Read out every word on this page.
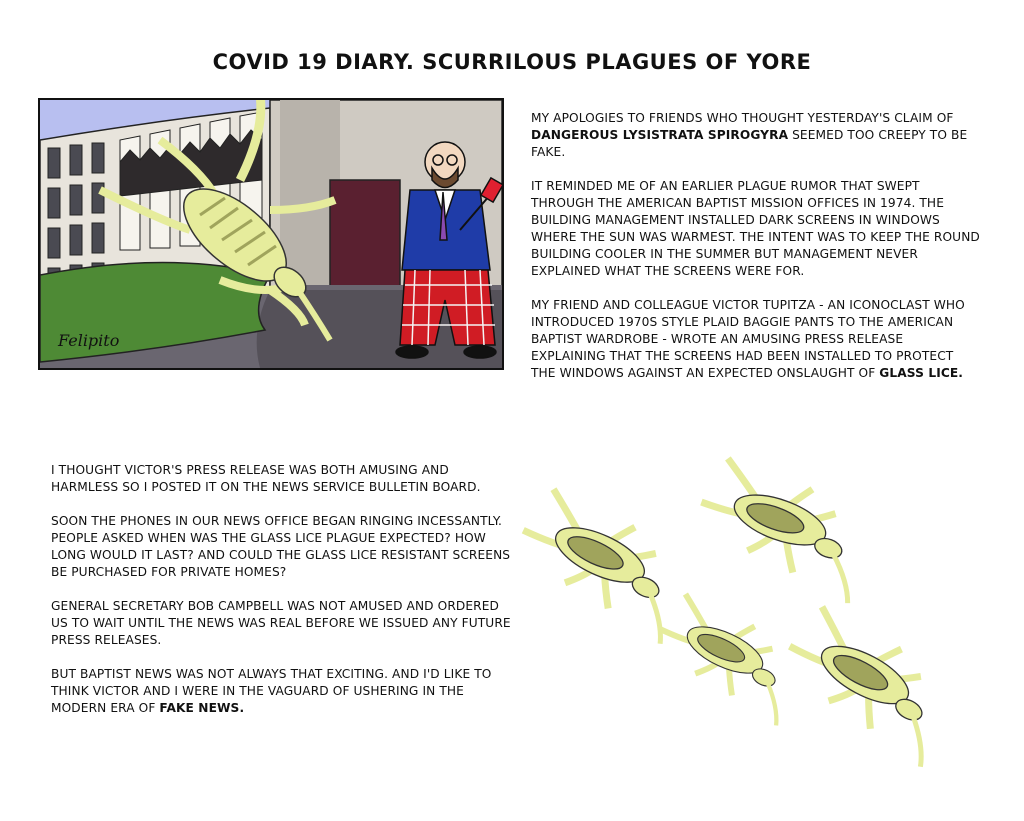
COVID 19 DIARY. SCURRILOUS PLAGUES OF YORE
Felipito

MY APOLOGIES TO FRIENDS WHO THOUGHT YESTERDAY'S CLAIM OF DANGEROUS LYSISTRATA SPIROGYRA SEEMED TOO CREEPY TO BE FAKE.

IT REMINDED ME OF AN EARLIER PLAGUE RUMOR THAT SWEPT THROUGH THE AMERICAN BAPTIST MISSION OFFICES IN 1974. THE BUILDING MANAGEMENT INSTALLED DARK SCREENS IN WINDOWS WHERE THE SUN WAS WARMEST. THE INTENT WAS TO KEEP THE ROUND BUILDING COOLER IN THE SUMMER BUT MANAGEMENT NEVER EXPLAINED WHAT THE SCREENS WERE FOR.

MY FRIEND AND COLLEAGUE VICTOR TUPITZA - AN ICONOCLAST WHO INTRODUCED 1970S STYLE PLAID BAGGIE PANTS TO THE AMERICAN BAPTIST WARDROBE - WROTE AN AMUSING PRESS RELEASE EXPLAINING THAT THE SCREENS HAD BEEN INSTALLED TO PROTECT THE WINDOWS AGAINST AN EXPECTED ONSLAUGHT OF GLASS LICE.

I THOUGHT VICTOR'S PRESS RELEASE WAS BOTH AMUSING AND HARMLESS SO I POSTED IT ON THE NEWS SERVICE BULLETIN BOARD.

SOON THE PHONES IN OUR NEWS OFFICE BEGAN RINGING INCESSANTLY. PEOPLE ASKED WHEN WAS THE GLASS LICE PLAGUE EXPECTED? HOW LONG WOULD IT LAST? AND COULD THE GLASS LICE RESISTANT SCREENS BE PURCHASED FOR PRIVATE HOMES?

GENERAL SECRETARY BOB CAMPBELL WAS NOT AMUSED AND ORDERED US TO WAIT UNTIL THE NEWS WAS REAL BEFORE WE ISSUED ANY FUTURE PRESS RELEASES.

BUT BAPTIST NEWS WAS NOT ALWAYS THAT EXCITING. AND I'D LIKE TO THINK VICTOR AND I WERE IN THE VAGUARD OF USHERING IN THE MODERN ERA OF FAKE NEWS.
